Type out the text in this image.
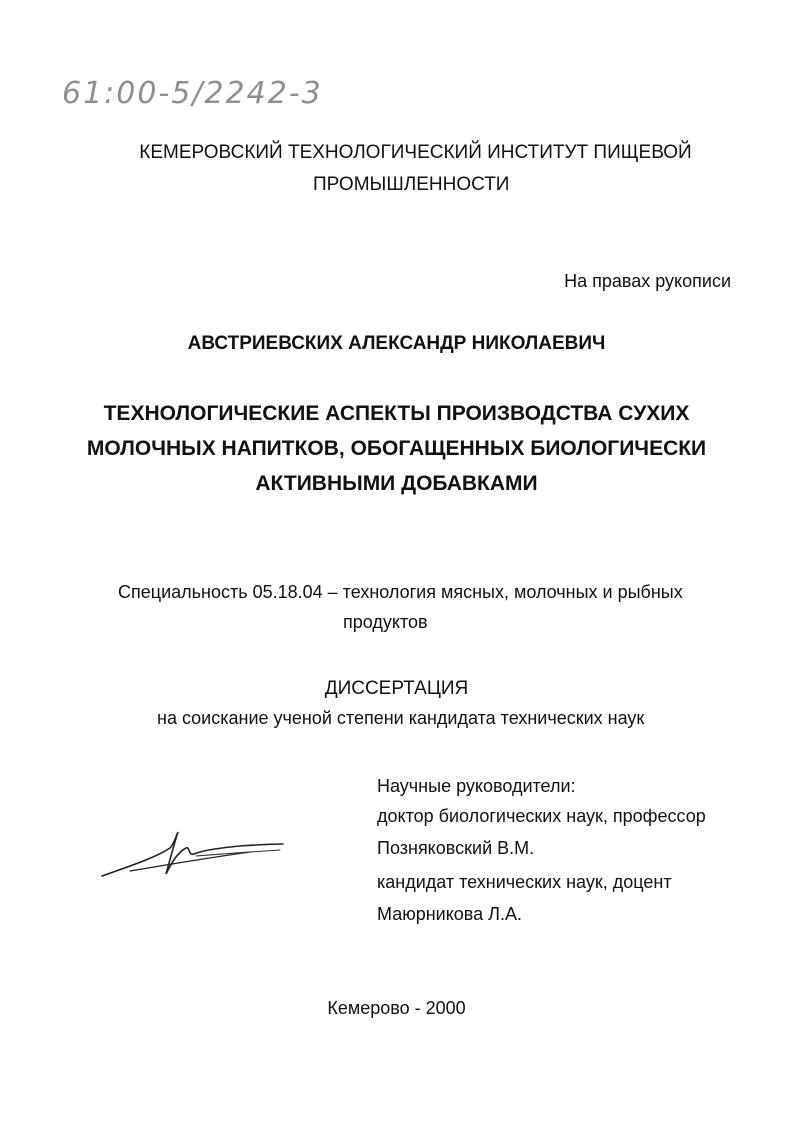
61:00-5/2242-3
КЕМЕРОВСКИЙ ТЕХНОЛОГИЧЕСКИЙ ИНСТИТУТ ПИЩЕВОЙ
ПРОМЫШЛЕННОСТИ
На правах рукописи
АВСТРИЕВСКИХ АЛЕКСАНДР НИКОЛАЕВИЧ
ТЕХНОЛОГИЧЕСКИЕ АСПЕКТЫ ПРОИЗВОДСТВА СУХИХ
МОЛОЧНЫХ НАПИТКОВ, ОБОГАЩЕННЫХ БИОЛОГИЧЕСКИ
АКТИВНЫМИ ДОБАВКАМИ
Специальность 05.18.04 – технология мясных, молочных и рыбных
продуктов
ДИССЕРТАЦИЯ
на соискание ученой степени кандидата технических наук
Научные руководители:
доктор биологических наук, профессор
Позняковский В.М.
кандидат технических наук, доцент
Маюрникова Л.А.
Кемерово - 2000
